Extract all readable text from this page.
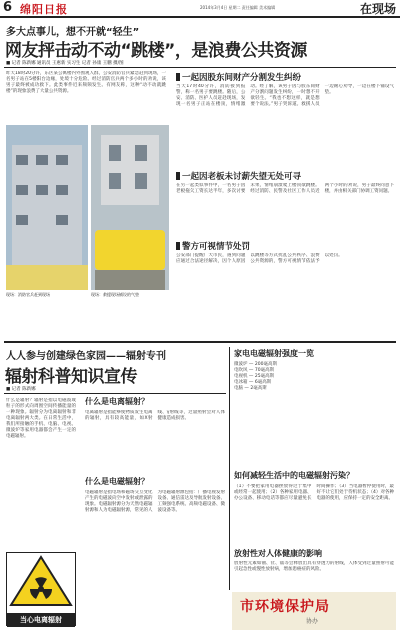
6 绵阳日报	2014年3月4日 星期二 责任编辑 美术编辑	在现场
多大点事儿，想不开就“轻生”
网友抨击动不动“跳楼”，是浪费公共资源
■ 记者 陈新娜 通讯员 王惠新 实习生 记者 孙康 王鹏 摄/图
昨天18时20分许，东区某公寓楼内外围观人群，公安消防官兵紧急赶到现场，一名男子站在5楼阳台边缘，处境十分危险。经过消防官兵两个多小时的劝说，该男子最终被成功救下。此类事件近来频频发生。有网友称，这种“动不动就跳楼”的现象浪费了大量公共资源。
现场：消防官兵赶到现场	现场：救援现场铺设的气垫
一起因股东间财产分割发生纠纷
当天17时40分许，消防接到报警，称一名男子要跳楼。随后，公安、消防、医护人员赶赴现场，发现一名男子正站在楼顶，情绪激动。经了解，该男子因与股东间财产分割问题发生纠纷，一时想不开欲轻生。“我也不想这样，就是想要个说法。”男子哭诉道。救援人员一边耐心劝导，一边在楼下铺设气垫。
一起因老板未讨薪失望无处可寻
在另一起类似事件中，一名男子因老板拖欠工资长达半年，多次讨要未果，情绪崩溃爬上楼顶欲跳楼。经过消防、民警及社区工作人员近两个小时的劝说，男子最终同意下楼，并由相关部门协调工资问题。
警方可视情节处罚
公安部门提醒广大市民，遇到问题应通过合法途径解决，因个人原因以跳楼等方式扰乱公共秩序、浪费公共资源的，警方可视情节依法予以处罚。
人人参与创建绿色家园——辐射专刊
辐射科普知识宣传
■ 记者 陈新娜
什么是辐射？辐射是指以电磁波或粒子的形式向周围空间传播能量的一种现象。辐射分为电离辐射和非电离辐射两大类。在日常生活中，我们所接触的手机、电脑、电视、微波炉等家用电器都会产生一定的电磁辐射。
当心电离辐射
什么是电离辐射？
电离辐射是指能够使物质发生电离的辐射，具有较高能量，如X射线、γ射线等，过量照射会对人体健康造成损害。
什么是电磁辐射？
电磁辐射是指电场和磁场交互变化产生的电磁波向空中发射或泄露的现象。电磁辐射源分为天然电磁辐射源和人为电磁辐射源，常见的人为电磁辐射源包括：广播电视发射设备、通信雷达及导航发射设备、工频强电系统、高频电磁设备、微波设备等。
家电电磁辐射强度一览
微波炉 — 200毫高斯
电吹风 — 70毫高斯
电视机 — 25毫高斯
电冰箱 — 6毫高斯
电脑 — 2毫高斯
如何减轻生活中的电磁辐射污染？
（1）不要把家用电器摆放得过于集中或经常一起使用；（2）各种家用电器、办公设备、移动电话等都应尽量避免长时间操作；（3）当电器暂停使用时，最好不让它们处于待机状态；（4）对各种电器的使用，应保持一定的安全距离。
放射性对人体健康的影响
放射性元素如铀、钍、镭等会释放出具有穿透力的射线，人体受到过量照射可能引起急性或慢性放射病，增加患癌症的风险。
市环境保护局
协办
